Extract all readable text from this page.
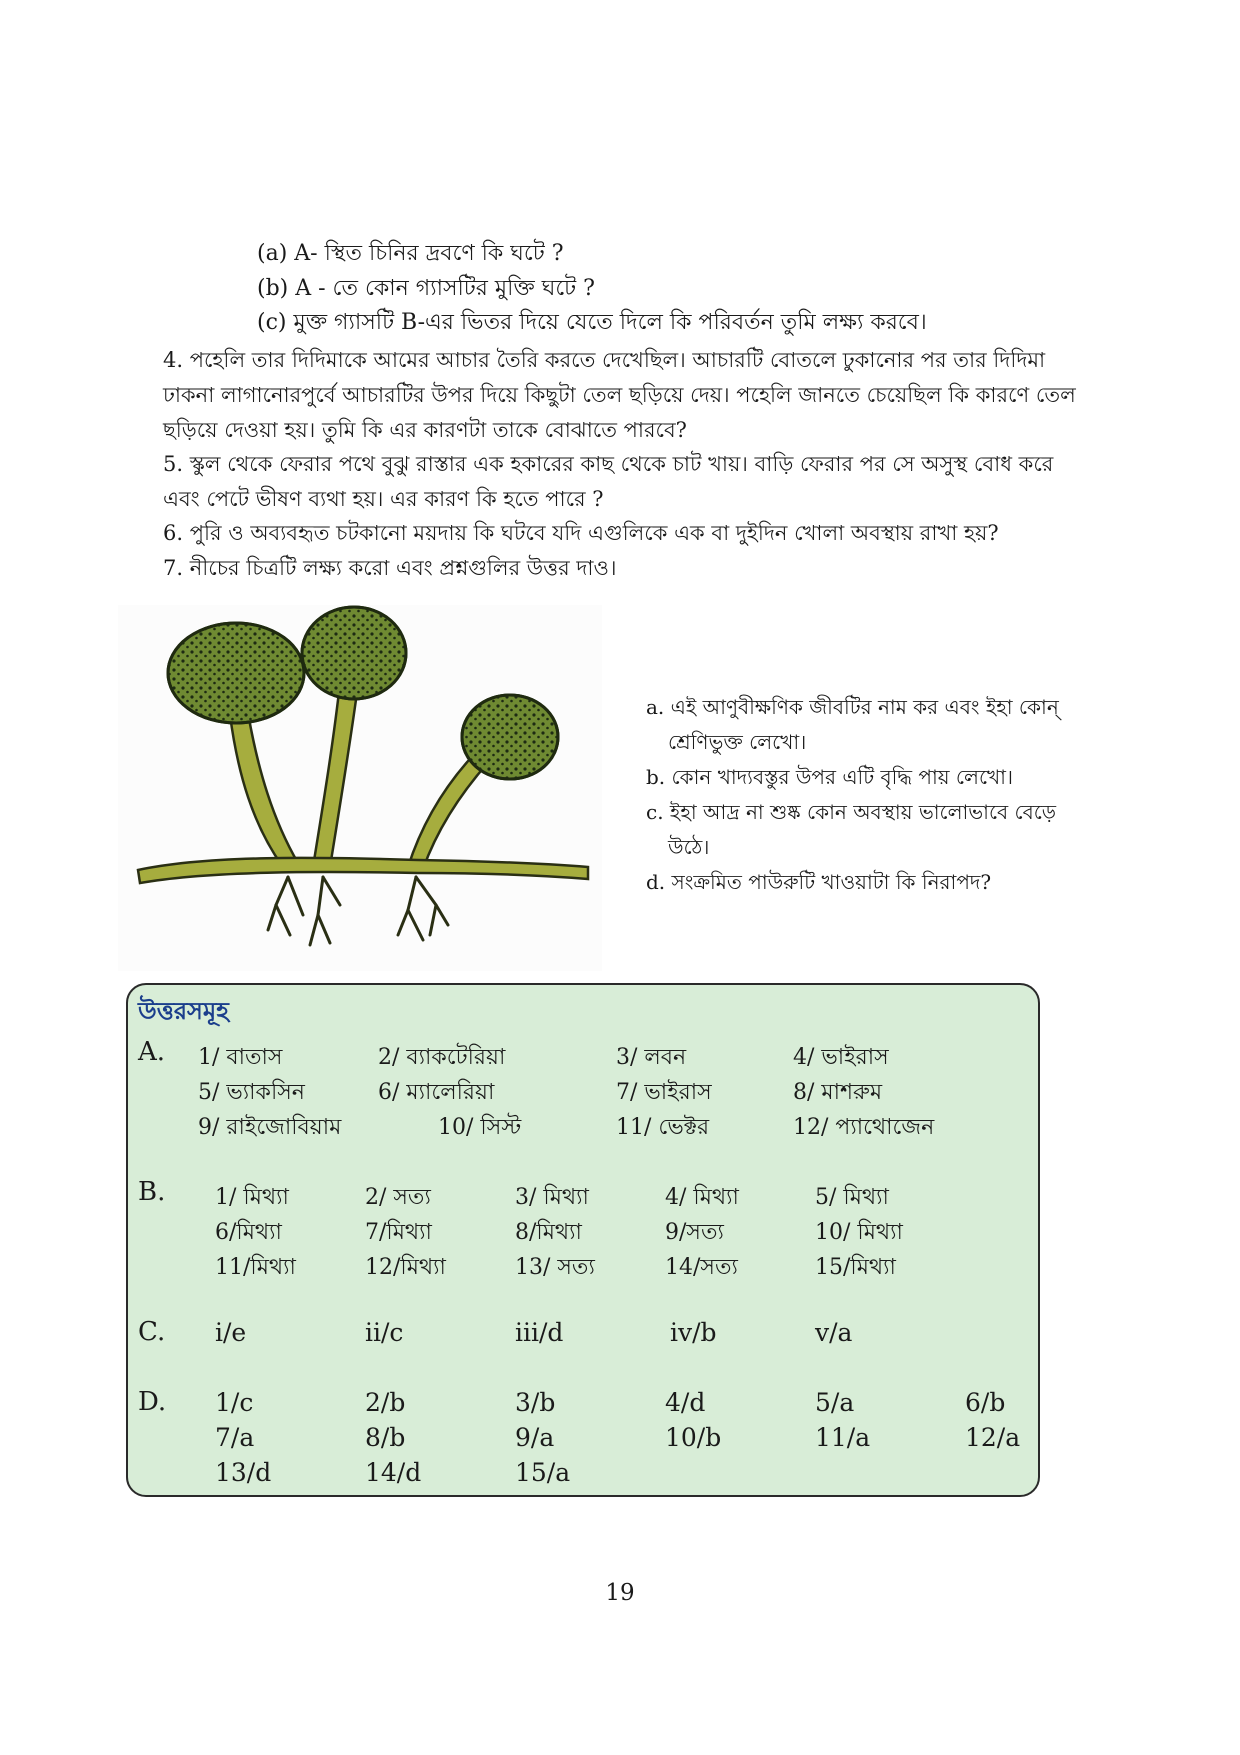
(a) A- স্থিত চিনির দ্রবণে কি ঘটে ?
(b) A - তে কোন গ্যাসটির মুক্তি ঘটে ?
(c) মুক্ত গ্যাসটি B-এর ভিতর দিয়ে যেতে দিলে কি পরিবর্তন তুমি লক্ষ্য করবে।
4. পহেলি তার দিদিমাকে আমের আচার তৈরি করতে দেখেছিল। আচারটি বোতলে ঢুকানোর পর তার দিদিমা ঢাকনা লাগানোরপুর্বে আচারটির উপর দিয়ে কিছুটা তেল ছড়িয়ে দেয়। পহেলি জানতে চেয়েছিল কি কারণে তেল ছড়িয়ে দেওয়া হয়। তুমি কি এর কারণটা তাকে বোঝাতে পারবে?
5. স্কুল থেকে ফেরার পথে বুঝু রাস্তার এক হকারের কাছ থেকে চাট খায়। বাড়ি ফেরার পর সে অসুস্থ বোধ করে এবং পেটে ভীষণ ব্যথা হয়। এর কারণ কি হতে পারে ?
6. পুরি ও অব্যবহৃত চটকানো ময়দায় কি ঘটবে যদি এগুলিকে এক বা দুইদিন খোলা অবস্থায় রাখা হয়?
7. নীচের চিত্রটি লক্ষ্য করো এবং প্রশ্নগুলির উত্তর দাও।
a. এই আণুবীক্ষণিক জীবটির নাম কর এবং ইহা কোন্ শ্রেণিভুক্ত লেখো।
b. কোন খাদ্যবস্তুর উপর এটি বৃদ্ধি পায় লেখো।
c. ইহা আদ্র না শুষ্ক কোন অবস্থায় ভালোভাবে বেড়ে উঠে।
d. সংক্রমিত পাউরুটি খাওয়াটা কি নিরাপদ?
উত্তরসমূহ
A. 1/ বাতাস	2/ ব্যাকটেরিয়া	3/ লবন	4/ ভাইরাস
5/ ভ্যাকসিন	6/ ম্যালেরিয়া	7/ ভাইরাস	8/ মাশরুম
9/ রাইজোবিয়াম	10/ সিস্ট	11/ ভেক্টর	12/ প্যাথোজেন
B. 1/ মিথ্যা	2/ সত্য	3/ মিথ্যা	4/ মিথ্যা	5/ মিথ্যা
6/মিথ্যা	7/মিথ্যা	8/মিথ্যা	9/সত্য	10/ মিথ্যা
11/মিথ্যা	12/মিথ্যা	13/ সত্য	14/সত্য	15/মিথ্যা
C. i/e	ii/c	iii/d	iv/b	v/a
D. 1/c	2/b	3/b	4/d	5/a	6/b
7/a	8/b	9/a	10/b	11/a	12/a
13/d	14/d	15/a
19
